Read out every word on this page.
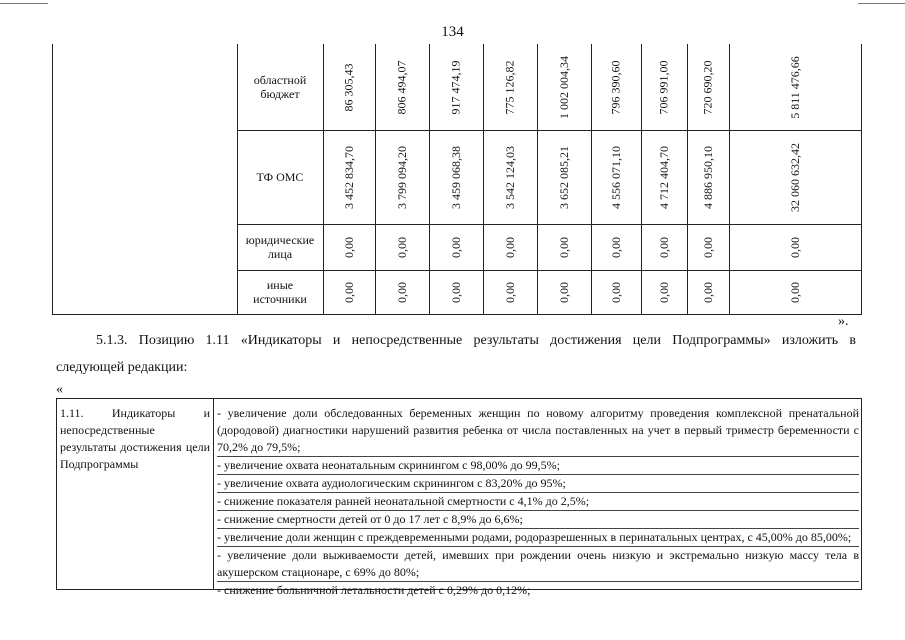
134
областной бюджет	86 305,43	806 494,07	917 474,19	775 126,82	1 002 004,34	796 390,60	706 991,00	720 690,20	5 811 476,66
ТФ ОМС	3 452 834,70	3 799 094,20	3 459 068,38	3 542 124,03	3 652 085,21	4 556 071,10	4 712 404,70	4 886 950,10	32 060 632,42
юридические лица	0,00	0,00	0,00	0,00	0,00	0,00	0,00	0,00	0,00
иные источники	0,00	0,00	0,00	0,00	0,00	0,00	0,00	0,00	0,00
».
5.1.3. Позицию 1.11 «Индикаторы и непосредственные результаты достижения цели Подпрограммы» изложить в
следующей редакции:
«
1.11. Индикаторы и непосредственные результаты достижения цели Подпрограммы
- увеличение доли обследованных беременных женщин по новому алгоритму проведения комплексной пренатальной (дородовой) диагностики нарушений развития ребенка от числа поставленных на учет в первый триместр беременности с 70,2% до 79,5%;
- увеличение охвата неонатальным скринингом с 98,00% до 99,5%;
- увеличение охвата аудиологическим скринингом с 83,20% до 95%;
- снижение показателя ранней неонатальной смертности с 4,1% до 2,5%;
- снижение смертности детей от 0 до 17 лет с 8,9% до 6,6%;
- увеличение доли женщин с преждевременными родами, родоразрешенных в перинатальных центрах, с 45,00% до 85,00%;
- увеличение доли выживаемости детей, имевших при рождении очень низкую и экстремально низкую массу тела в акушерском стационаре, с 69% до 80%;
- снижение больничной летальности детей с 0,29% до 0,12%;
